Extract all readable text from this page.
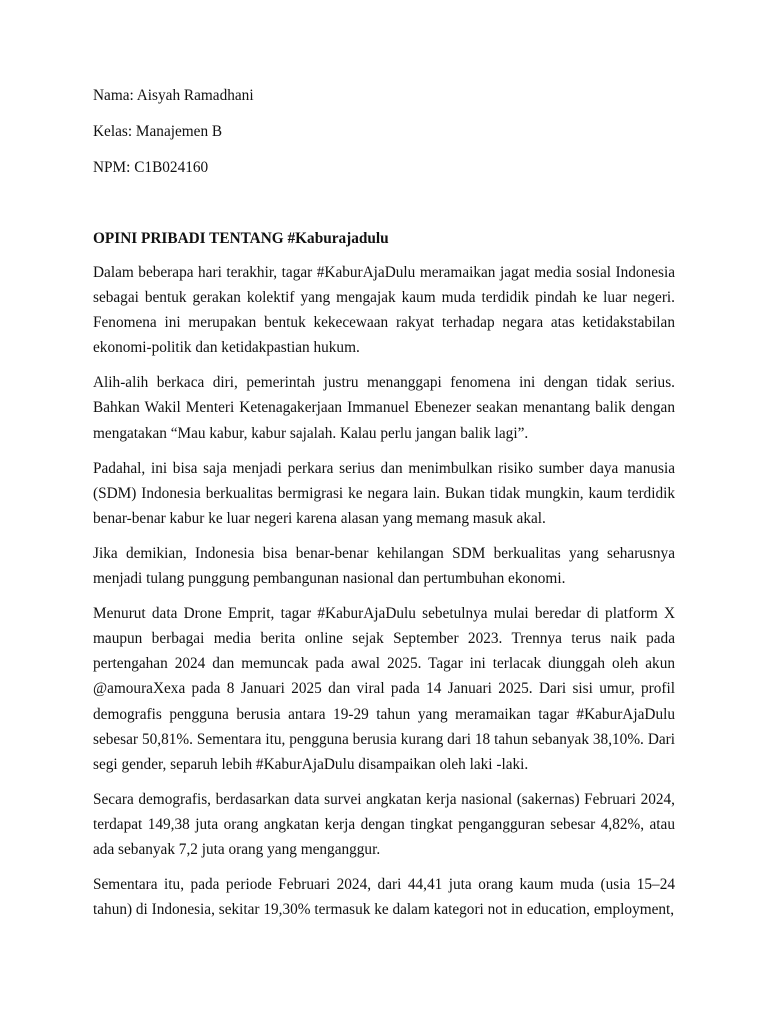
Nama: Aisyah Ramadhani
Kelas: Manajemen B
NPM: C1B024160
OPINI PRIBADI TENTANG #Kaburajadulu

Dalam beberapa hari terakhir, tagar #KaburAjaDulu meramaikan jagat media sosial Indonesia sebagai bentuk gerakan kolektif yang mengajak kaum muda terdidik pindah ke luar negeri. Fenomena ini merupakan bentuk kekecewaan rakyat terhadap negara atas ketidakstabilan ekonomi-politik dan ketidakpastian hukum.

Alih-alih berkaca diri, pemerintah justru menanggapi fenomena ini dengan tidak serius. Bahkan Wakil Menteri Ketenagakerjaan Immanuel Ebenezer seakan menantang balik dengan mengatakan “Mau kabur, kabur sajalah. Kalau perlu jangan balik lagi”.

Padahal, ini bisa saja menjadi perkara serius dan menimbulkan risiko sumber daya manusia (SDM) Indonesia berkualitas bermigrasi ke negara lain. Bukan tidak mungkin, kaum terdidik benar-benar kabur ke luar negeri karena alasan yang memang masuk akal.

Jika demikian, Indonesia bisa benar-benar kehilangan SDM berkualitas yang seharusnya menjadi tulang punggung pembangunan nasional dan pertumbuhan ekonomi.

Menurut data Drone Emprit, tagar #KaburAjaDulu sebetulnya mulai beredar di platform X maupun berbagai media berita online sejak September 2023. Trennya terus naik pada pertengahan 2024 dan memuncak pada awal 2025. Tagar ini terlacak diunggah oleh akun @amouraXexa pada 8 Januari 2025 dan viral pada 14 Januari 2025. Dari sisi umur, profil demografis pengguna berusia antara 19-29 tahun yang meramaikan tagar #KaburAjaDulu sebesar 50,81%. Sementara itu, pengguna berusia kurang dari 18 tahun sebanyak 38,10%. Dari segi gender, separuh lebih #KaburAjaDulu disampaikan oleh laki -laki.

Secara demografis, berdasarkan data survei angkatan kerja nasional (sakernas) Februari 2024, terdapat 149,38 juta orang angkatan kerja dengan tingkat pengangguran sebesar 4,82%, atau ada sebanyak 7,2 juta orang yang menganggur.

Sementara itu, pada periode Februari 2024, dari 44,41 juta orang kaum muda (usia 15–24 tahun) di Indonesia, sekitar 19,30% termasuk ke dalam kategori not in education, employment,
